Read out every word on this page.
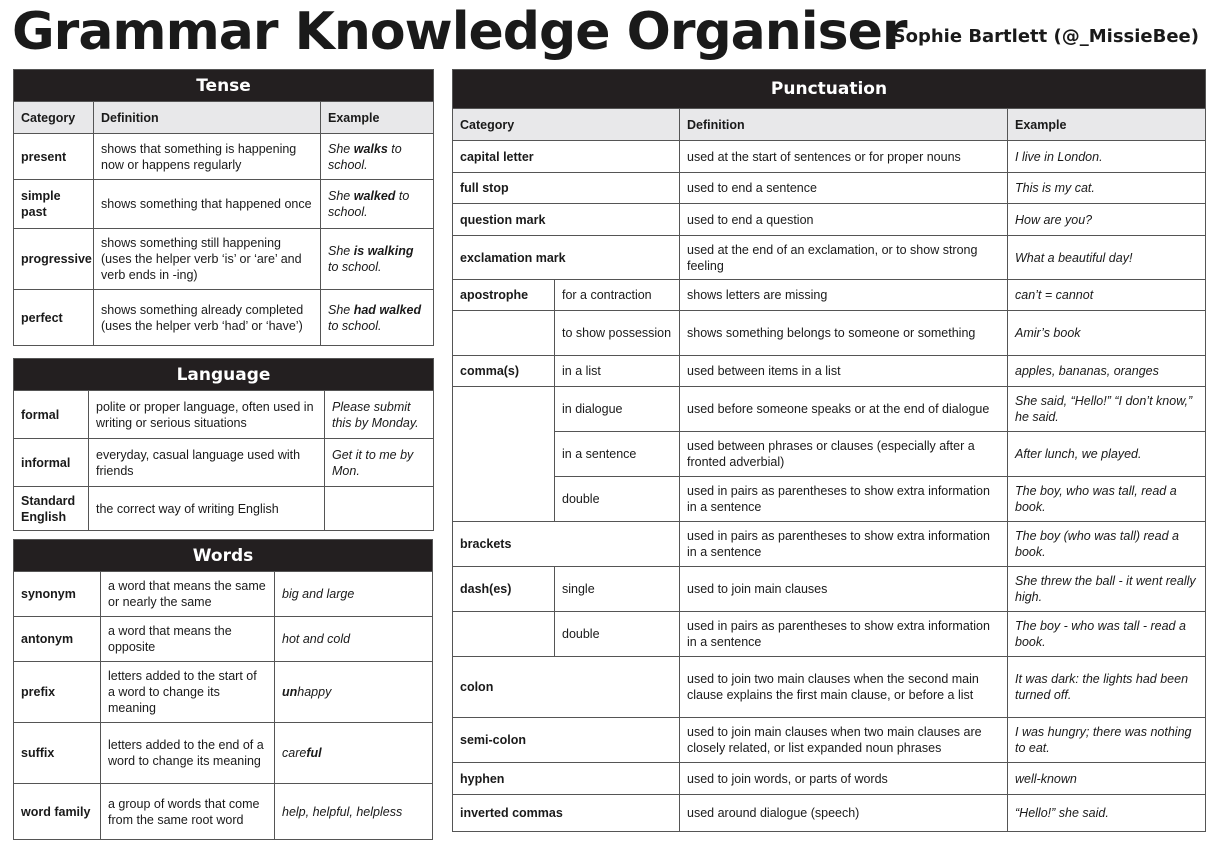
Grammar Knowledge Organiser
Sophie Bartlett (@_MissieBee)
Tense		
Category	Definition	Example
present	shows that something is happening now or happens regularly	She walks to school.
simple past	shows something that happened once	She walked to school.
progressive	shows something still happening (uses the helper verb ‘is’ or ‘are’ and verb ends in -ing)	She is walking to school.
perfect	shows something already completed (uses the helper verb ‘had’ or ‘have’)	She had walked to school.
Language		
formal	polite or proper language, often used in writing or serious situations	Please submit this by Monday.
informal	everyday, casual language used with friends	Get it to me by Mon.
Standard English	the correct way of writing English	
Words		
synonym	a word that means the same or nearly the same	big and large
antonym	a word that means the opposite	hot and cold
prefix	letters added to the start of a word to change its meaning	unhappy
suffix	letters added to the end of a word to change its meaning	careful
word family	a group of words that come from the same root word	help, helpful, helpless
Punctuation			
Category		Definition	Example
capital letter		used at the start of sentences or for proper nouns	I live in London.
full stop		used to end a sentence	This is my cat.
question mark		used to end a question	How are you?
exclamation mark		used at the end of an exclamation, or to show strong feeling	What a beautiful day!
apostrophe	for a contraction	shows letters are missing	can’t = cannot
	to show possession	shows something belongs to someone or something	Amir’s book
comma(s)	in a list	used between items in a list	apples, bananas, oranges
	in dialogue	used before someone speaks or at the end of dialogue	She said, “Hello!” “I don’t know,” he said.
	in a sentence	used between phrases or clauses (especially after a fronted adverbial)	After lunch, we played.
	double	used in pairs as parentheses to show extra information in a sentence	The boy, who was tall, read a book.
brackets		used in pairs as parentheses to show extra information in a sentence	The boy (who was tall) read a book.
dash(es)	single	used to join main clauses	She threw the ball - it went really high.
	double	used in pairs as parentheses to show extra information in a sentence	The boy - who was tall - read a book.
colon		used to join two main clauses when the second main clause explains the first main clause, or before a list	It was dark: the lights had been turned off.
semi-colon		used to join main clauses when two main clauses are closely related, or list expanded noun phrases	I was hungry; there was nothing to eat.
hyphen		used to join words, or parts of words	well-known
inverted commas		used around dialogue (speech)	“Hello!” she said.
